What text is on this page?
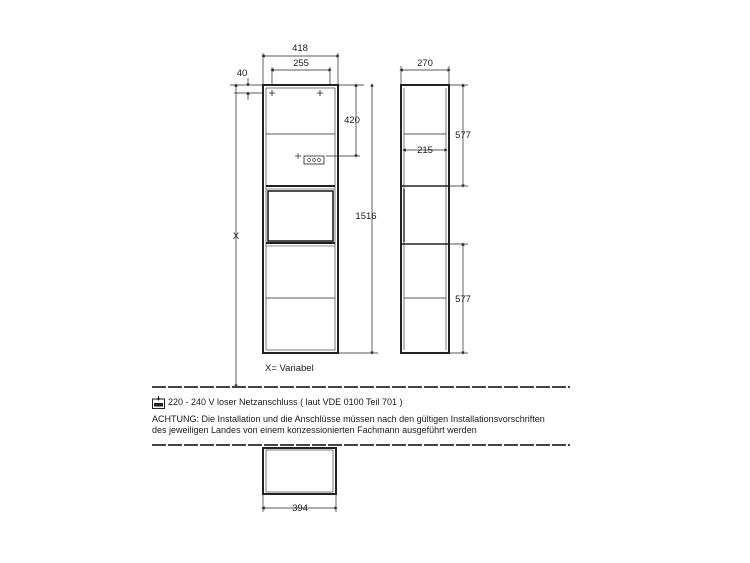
418
255
40
X
420
1516
X= Variabel
270
577
215
577
394
220 - 240 V loser Netzanschluss ( laut VDE 0100 Teil 701 )
ACHTUNG: Die Installation und die Anschlüsse müssen nach den gültigen Installationsvorschriften
des jeweiligen Landes von einem konzessionierten Fachmann ausgeführt werden
